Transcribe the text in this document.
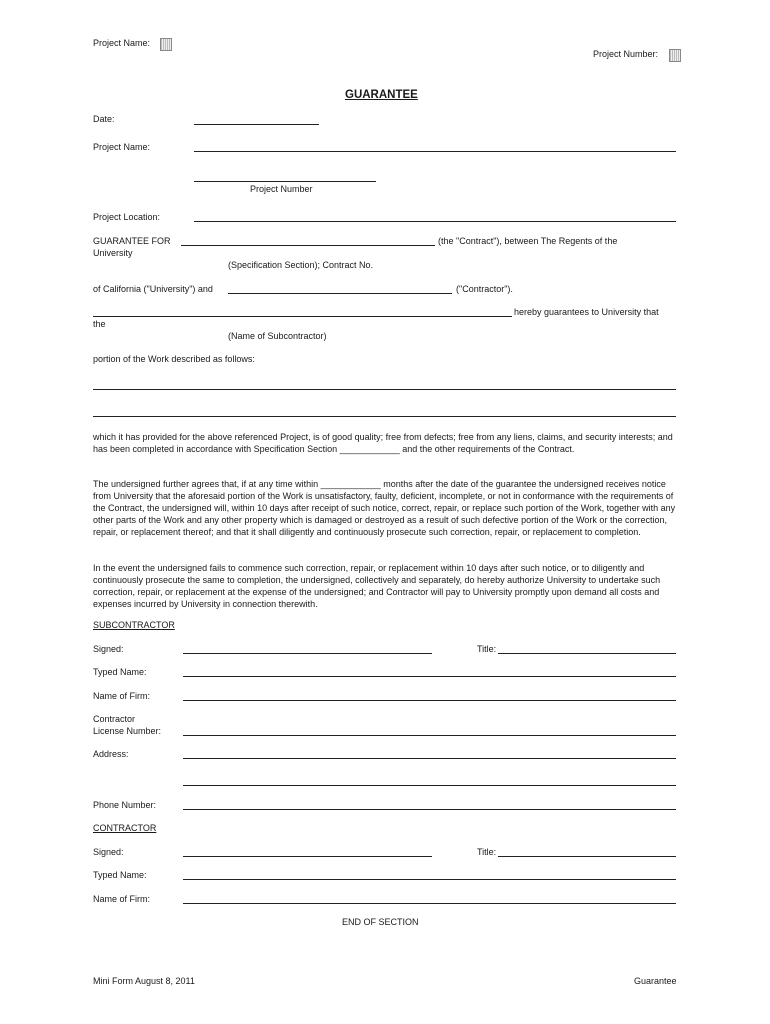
Project Name:
Project Number:
GUARANTEE
Date:
Project Name:
Project Number
Project Location:
GUARANTEE FOR	(the "Contract"), between The Regents of the
University
(Specification Section); Contract No.
of California ("University") and	("Contractor").
hereby guarantees to University that
the
(Name of Subcontractor)
portion of the Work described as follows:
which it has provided for the above referenced Project, is of good quality; free from defects; free from any liens, claims, and security interests; and has been completed in accordance with Specification Section ____________ and the other requirements of the Contract.
The undersigned further agrees that, if at any time within ____________ months after the date of the guarantee the undersigned receives notice from University that the aforesaid portion of the Work is unsatisfactory, faulty, deficient, incomplete, or not in conformance with the requirements of the Contract, the undersigned will, within 10 days after receipt of such notice, correct, repair, or replace such portion of the Work, together with any other parts of the Work and any other property which is damaged or destroyed as a result of such defective portion of the Work or the correction, repair, or replacement thereof; and that it shall diligently and continuously prosecute such correction, repair, or replacement to completion.
In the event the undersigned fails to commence such correction, repair, or replacement within 10 days after such notice, or to diligently and continuously prosecute the same to completion, the undersigned, collectively and separately, do hereby authorize University to undertake such correction, repair, or replacement at the expense of the undersigned; and Contractor will pay to University promptly upon demand all costs and expenses incurred by University in connection therewith.
SUBCONTRACTOR
Signed:	Title:
Typed Name:
Name of Firm:
Contractor
License Number:
Address:
Phone Number:
CONTRACTOR
Signed:	Title:
Typed Name:
Name of Firm:
END OF SECTION
Mini Form August 8, 2011	Guarantee
